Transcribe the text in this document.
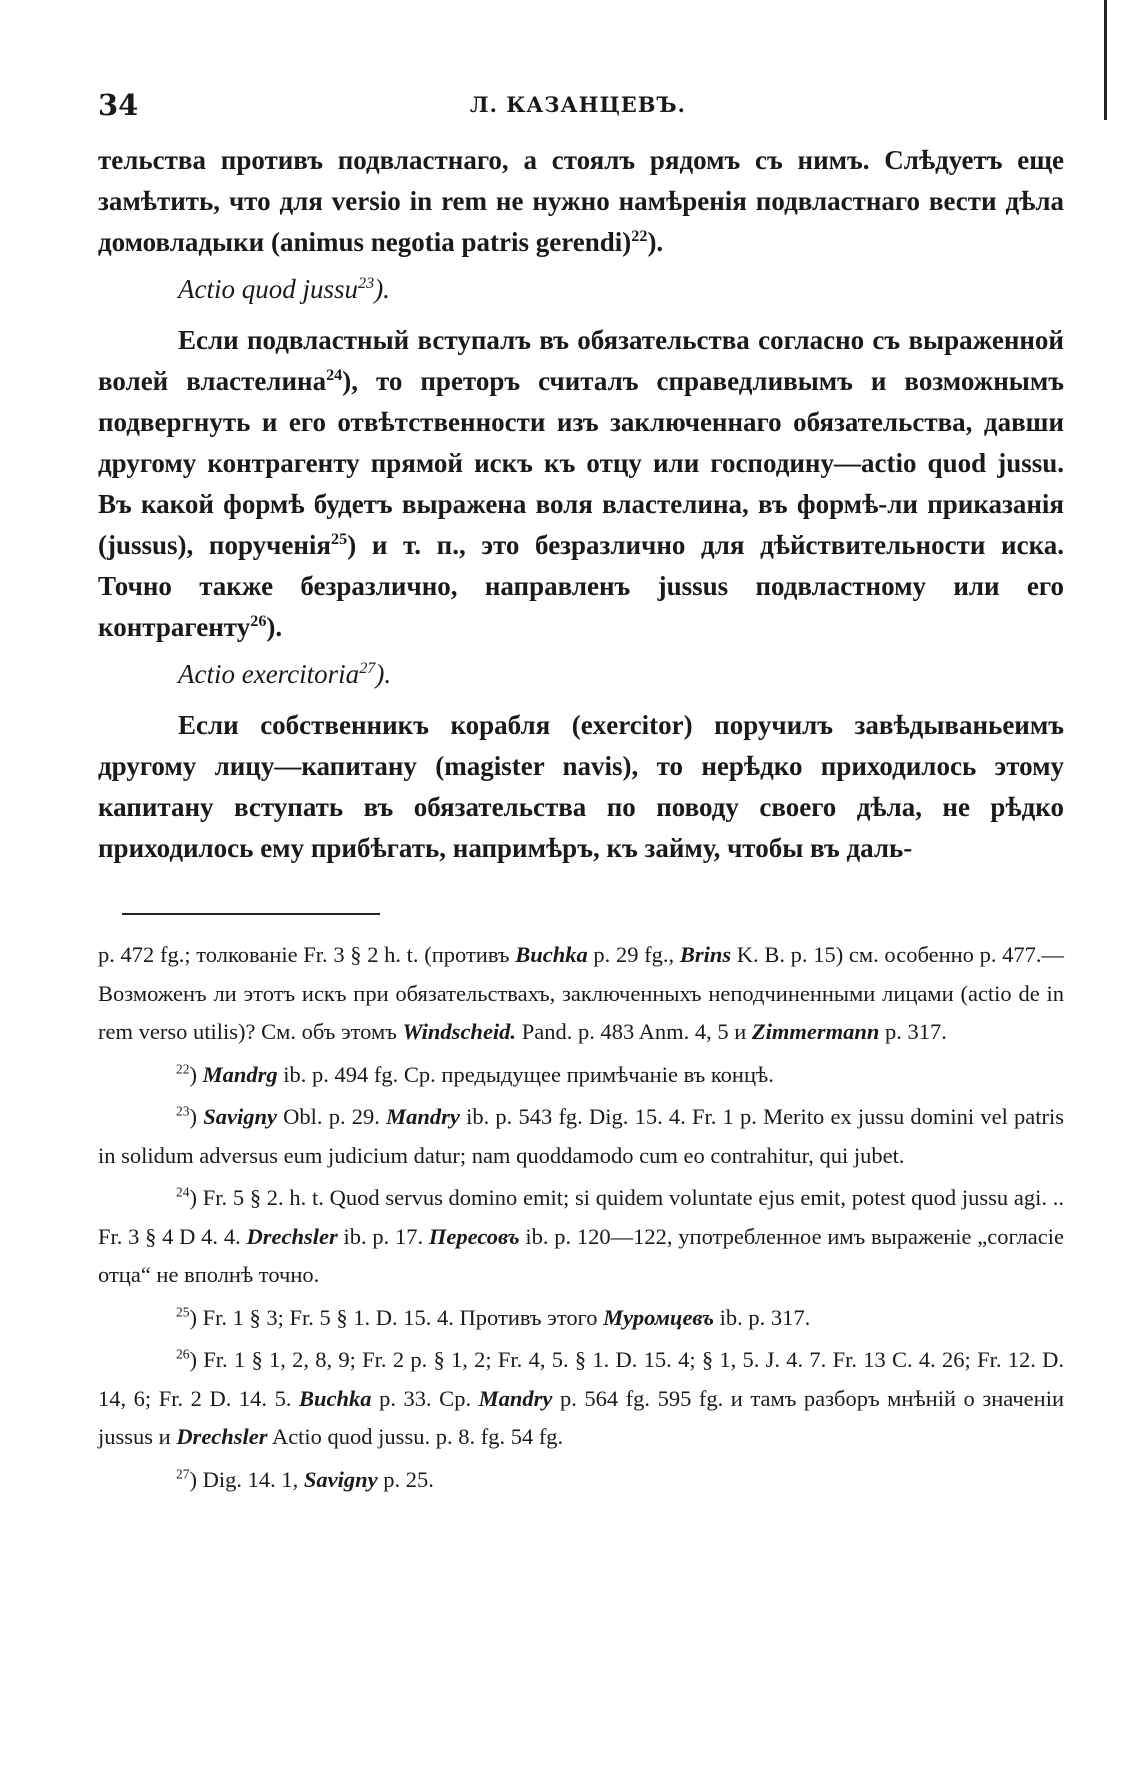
34	Л. КАЗАНЦЕВЪ.

тельства противъ подвластнаго, а стоялъ рядомъ съ нимъ. Слѣдуетъ еще замѣтить, что для versio in rem не нужно намѣренія подвластнаго вести дѣла домовладыки (animus negotia patris gerendi)$^{22}$).

Actio quod jussu$^{23}$).

Если подвластный вступалъ въ обязательства согласно съ выраженной волей властелина$^{24}$), то преторъ считалъ справедливымъ и возможнымъ подвергнуть и его отвѣтственности изъ заключеннаго обязательства, давши другому контрагенту прямой искъ къ отцу или господину—actio quod jussu. Въ какой формѣ будетъ выражена воля властелина, въ формѣ-ли приказанія (jussus), порученія$^{25}$) и т. п., это безразлично для дѣйствительности иска. Точно также безразлично, направленъ jussus подвластному или его контрагенту$^{26}$).

Actio exercitoria$^{27}$).

Если собственникъ корабля (exercitor) поручилъ завѣдываньеимъ другому лицу—капитану (magister navis), то нерѣдко приходилось этому капитану вступать въ обязательства по поводу своего дѣла, не рѣдко приходилось ему прибѣгать, напримѣръ, къ займу, чтобы въ даль-

p. 472 fg.; толкованіе Fr. 3 § 2 h. t. (противъ Buchka p. 29 fg., Brins K. B. p. 15) см. особенно p. 477.—Возможенъ ли этотъ искъ при обязательствахъ, заключенныхъ неподчиненными лицами (actio de in rem verso utilis)? См. объ этомъ Windscheid. Pand. p. 483 Anm. 4, 5 и Zimmermann p. 317.

$^{22}$) Mandrg ib. p. 494 fg. Ср. предыдущее примѣчаніе въ концѣ.

$^{23}$) Savigny Obl. p. 29. Mandry ib. p. 543 fg. Dig. 15. 4. Fr. 1 p. Merito ex jussu domini vel patris in solidum adversus eum judicium datur; nam quoddamodo cum eo contrahitur, qui jubet.

$^{24}$) Fr. 5 § 2. h. t. Quod servus domino emit; si quidem voluntate ejus emit, potest quod jussu agi. .. Fr. 3 § 4 D 4. 4. Drechsler ib. p. 17. Пересовъ ib. p. 120—122, употребленное имъ выраженіе „согласіе отца“ не вполнѣ точно.

$^{25}$) Fr. 1 § 3; Fr. 5 § 1. D. 15. 4. Противъ этого Муромцевъ ib. p. 317.

$^{26}$) Fr. 1 § 1, 2, 8, 9; Fr. 2 p. § 1, 2; Fr. 4, 5. § 1. D. 15. 4; § 1, 5. J. 4. 7. Fr. 13 C. 4. 26; Fr. 12. D. 14, 6; Fr. 2 D. 14. 5. Buchka p. 33. Ср. Mandry p. 564 fg. 595 fg. и тамъ разборъ мнѣній о значеніи jussus и Drechsler Actio quod jussu. p. 8. fg. 54 fg.

$^{27}$) Dig. 14. 1, Savigny p. 25.
